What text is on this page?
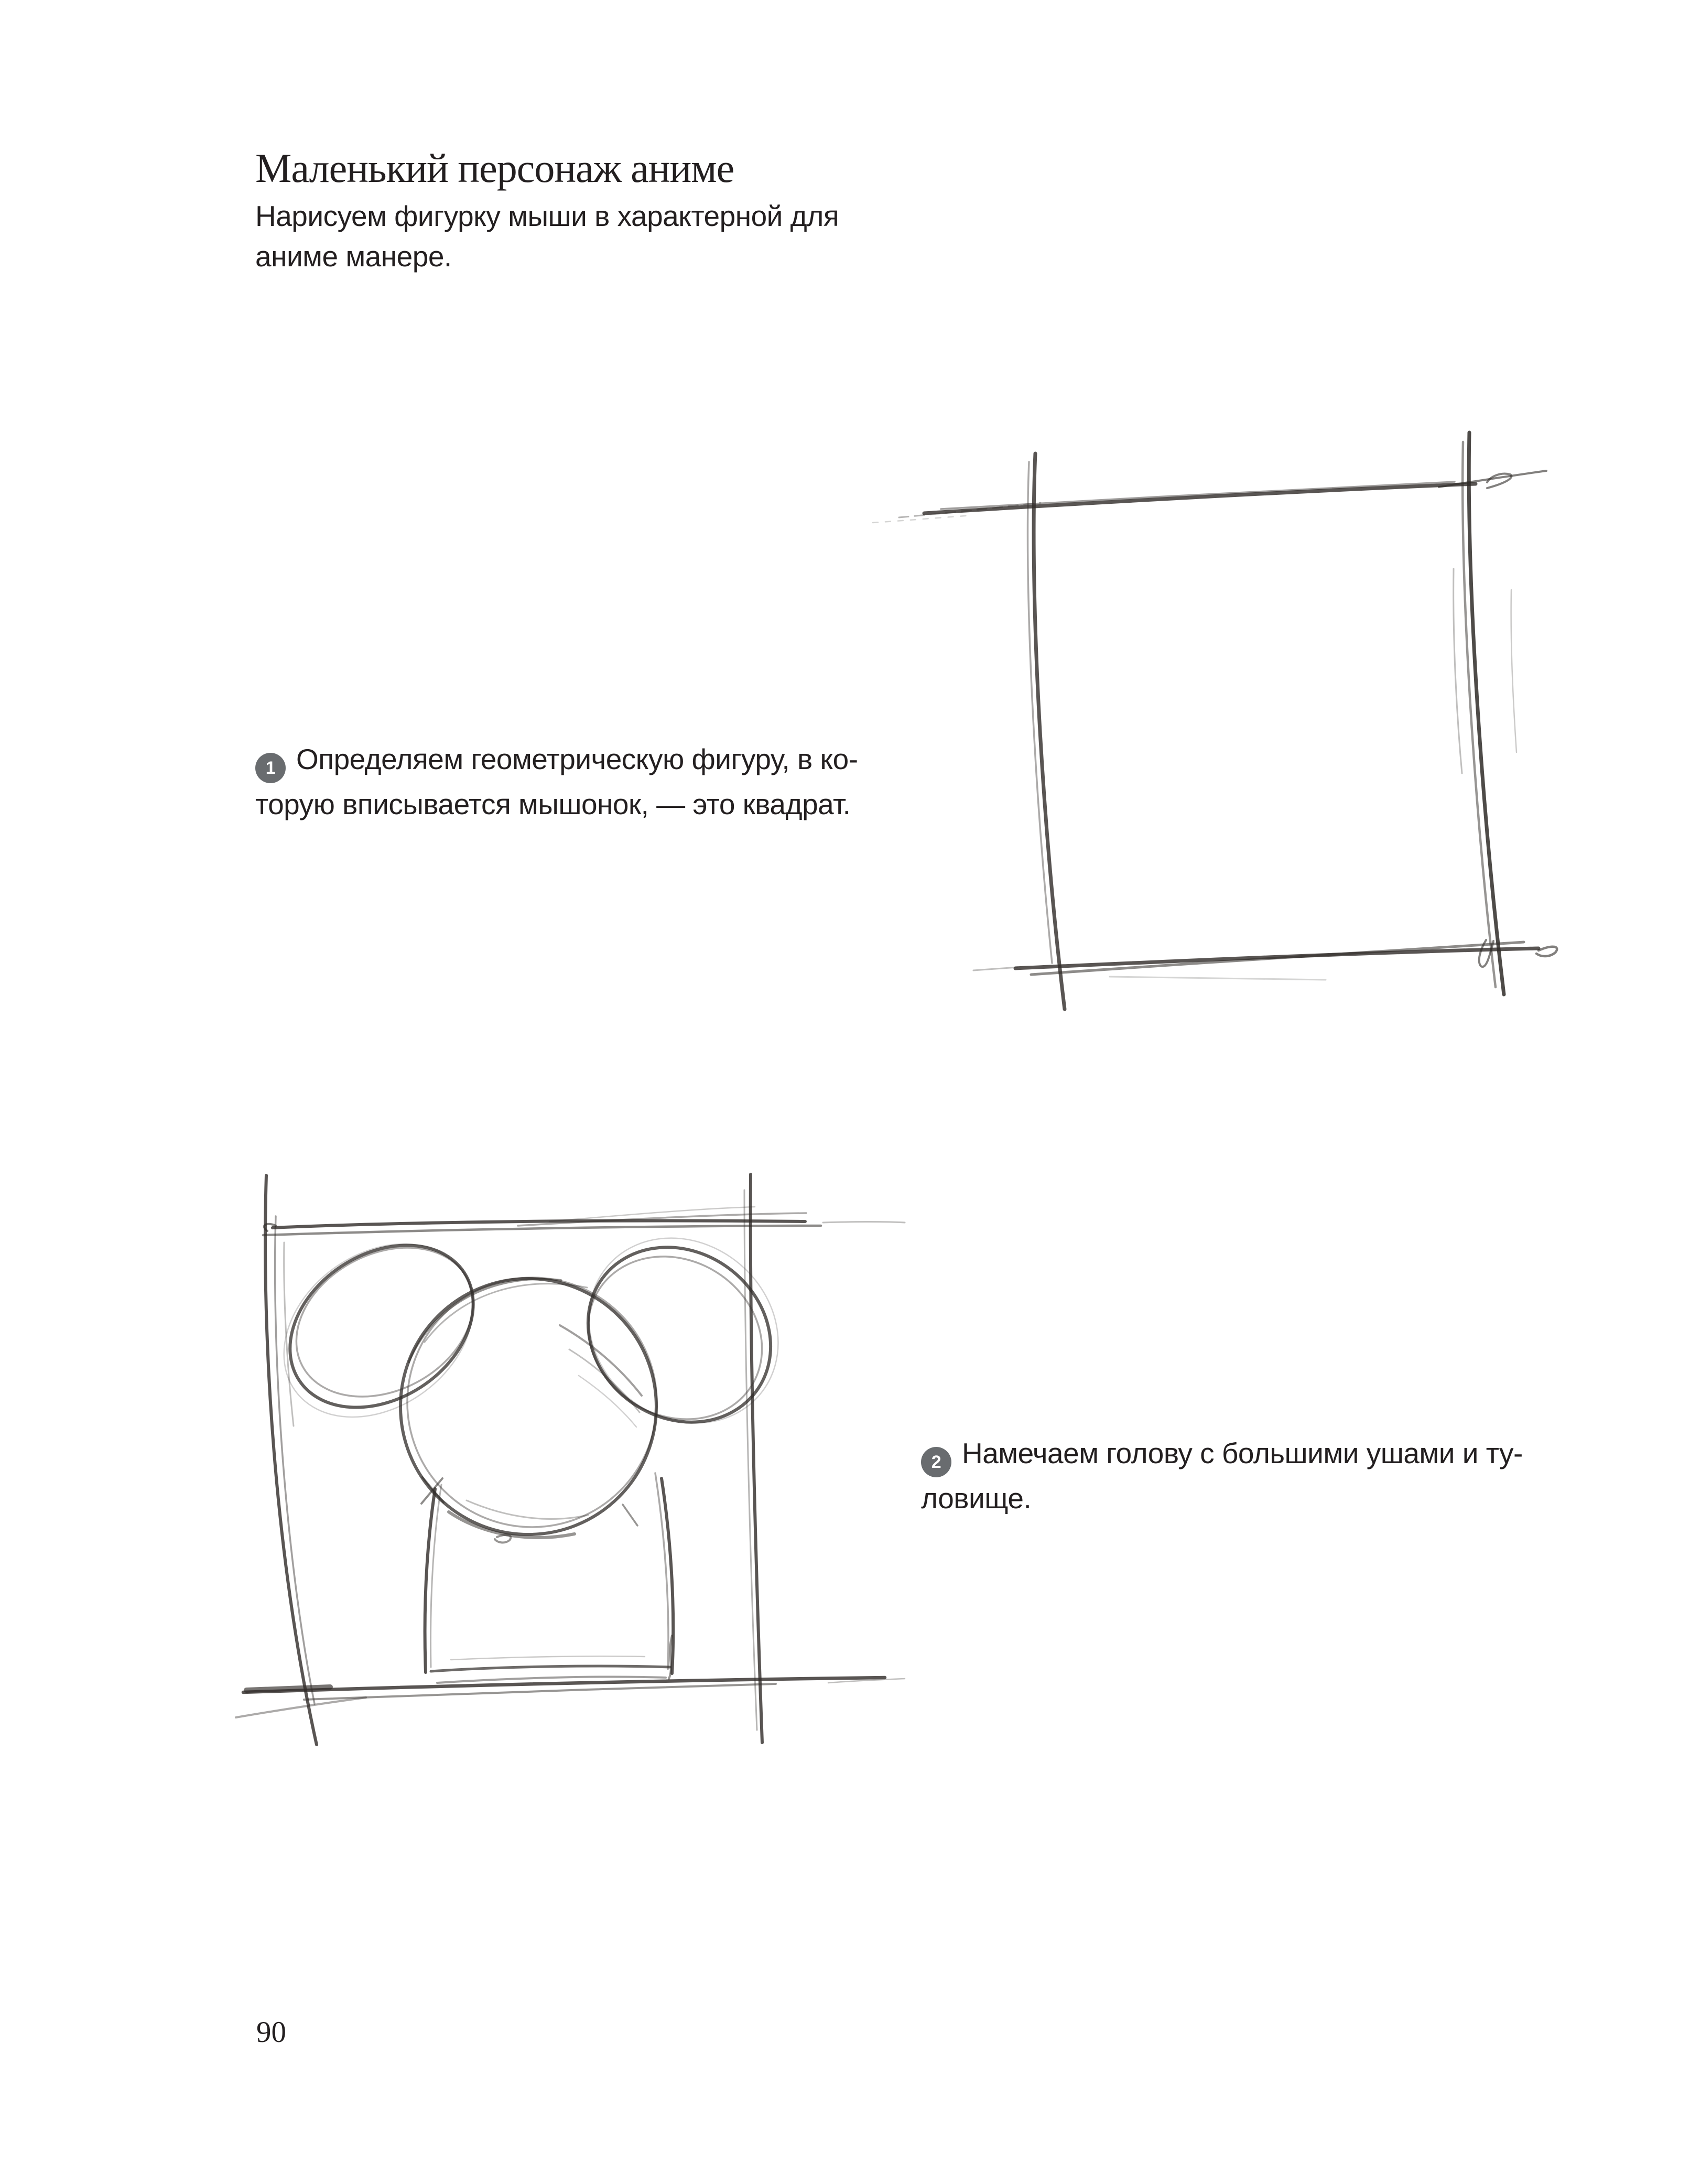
Маленький персонаж аниме
Нарисуем фигурку мыши в характерной для
аниме манере.
1 Определяем геометрическую фигуру, в ко-
торую вписывается мышонок, — это квадрат.
2 Намечаем голову с большими ушами и ту-
ловище.
90
